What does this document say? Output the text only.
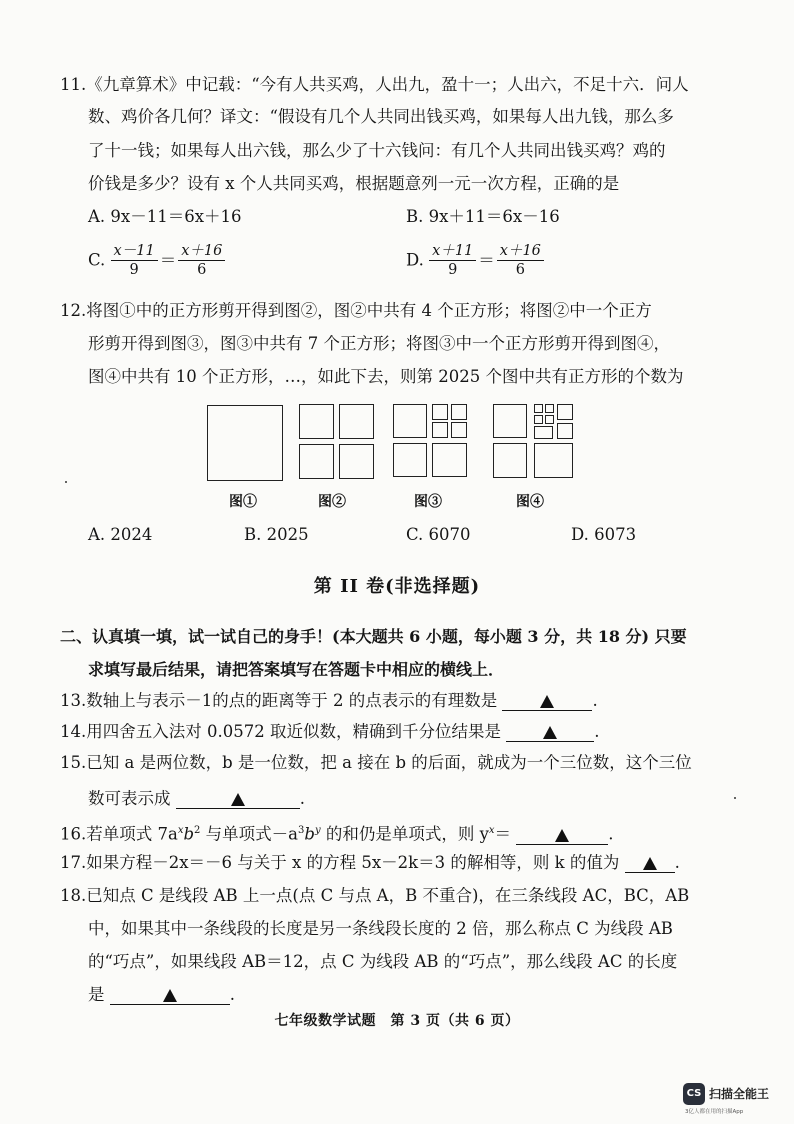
11.《九章算术》中记载：“今有人共买鸡，人出九，盈十一；人出六，不足十六．问人
数、鸡价各几何？译文：“假设有几个人共同出钱买鸡，如果每人出九钱，那么多
了十一钱；如果每人出六钱，那么少了十六钱问：有几个人共同出钱买鸡？鸡的
价钱是多少？设有 x 个人共同买鸡，根据题意列一元一次方程，正确的是
A. 9x－11＝6x＋16	B. 9x＋11＝6x－16
C. $\frac{x-11}{9} = \frac{x+16}{6}$	D. $\frac{x+11}{9} = \frac{x+16}{6}$
12.将图①中的正方形剪开得到图②，图②中共有 4 个正方形；将图②中一个正方
形剪开得到图③，图③中共有 7 个正方形；将图③中一个正方形剪开得到图④，
图④中共有 10 个正方形，…，如此下去，则第 2025 个图中共有正方形的个数为
图①	图②	图③	图④
A. 2024	B. 2025	C. 6070	D. 6073
第 II 卷(非选择题)
二、认真填一填，试一试自己的身手！(本大题共 6 小题，每小题 3 分，共 18 分) 只要
求填写最后结果，请把答案填写在答题卡中相应的横线上．
13.数轴上与表示－1的点的距离等于 2 的点表示的有理数是	.
14.用四舍五入法对 0.0572 取近似数，精确到千分位结果是	.
15.已知 a 是两位数，b 是一位数，把 a 接在 b 的后面，就成为一个三位数，这个三位
数可表示成	.
16.若单项式 $7a^xb^2$ 与单项式$-a^3b^y$ 的和仍是单项式，则 $y^x=$	.
17.如果方程－2x＝－6 与关于 x 的方程 5x－2k＝3 的解相等，则 k 的值为	.
18.已知点 C 是线段 AB 上一点(点 C 与点 A，B 不重合)，在三条线段 AC，BC，AB
中，如果其中一条线段的长度是另一条线段长度的 2 倍，那么称点 C 为线段 AB
的“巧点”，如果线段 AB＝12，点 C 为线段 AB 的“巧点”，那么线段 AC 的长度
是	.
七年级数学试题　第 3 页（共 6 页）
CS 扫描全能王
3亿人都在用的扫描App
